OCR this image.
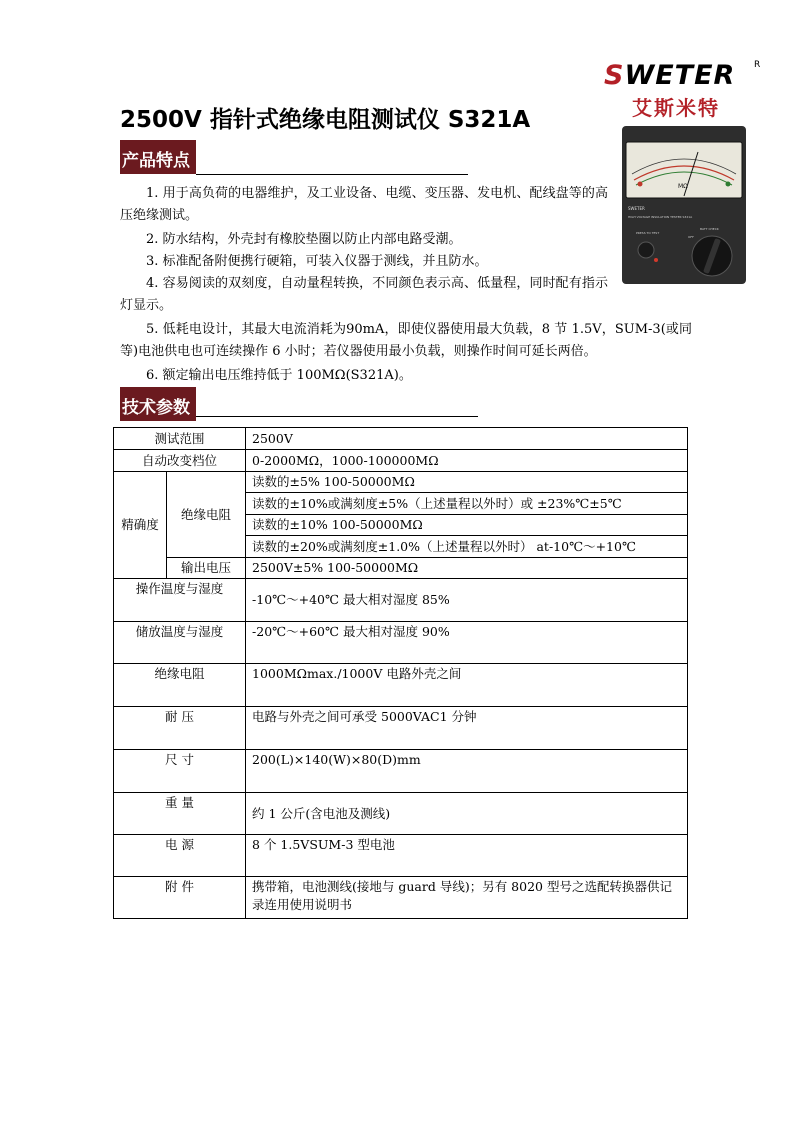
SWETER R
艾斯米特
2500V 指针式绝缘电阻测试仪 S321A
产品特点
1. 用于高负荷的电器维护，及工业设备、电缆、变压器、发电机、配线盘等的高压绝缘测试。
2. 防水结构，外壳封有橡胶垫圈以防止内部电路受潮。
3. 标准配备附便携行硬箱，可装入仪器于测线，并且防水。
4. 容易阅读的双刻度，自动量程转换，不同颜色表示高、低量程，同时配有指示灯显示。
5. 低耗电设计，其最大电流消耗为90mA，即使仪器使用最大负载，8 节 1.5V，SUM-3(或同等)电池供电也可连续操作 6 小时；若仪器使用最小负载，则操作时间可延长两倍。
6. 额定输出电压维持低于 100MΩ(S321A)。
MΩ
SWETER
HIGH VOLTAGE INSULATION TESTER S321A
PRESS TO TEST
BATT CHECK
OFF
技术参数
测试范围		2500V
自动改变档位		0-2000MΩ，1000-100000MΩ
精确度	绝缘电阻	读数的±5% 100-50000MΩ
		读数的±10%或满刻度±5%（上述量程以外时）或 ±23%℃±5℃
		读数的±10% 100-50000MΩ
		读数的±20%或满刻度±1.0%（上述量程以外时） at-10℃～+10℃
	输出电压	2500V±5% 100-50000MΩ
操作温度与湿度		-10℃～+40℃ 最大相对湿度 85%
储放温度与湿度		-20℃～+60℃ 最大相对湿度 90%
绝缘电阻		1000MΩmax./1000V 电路外壳之间
耐 压		电路与外壳之间可承受 5000VAC1 分钟
尺 寸		200(L)×140(W)×80(D)mm
重 量		约 1 公斤(含电池及测线)
电 源		8 个 1.5VSUM-3 型电池
附 件		携带箱，电池测线(接地与 guard 导线)；另有 8020 型号之选配转换器供记录连用使用说明书
